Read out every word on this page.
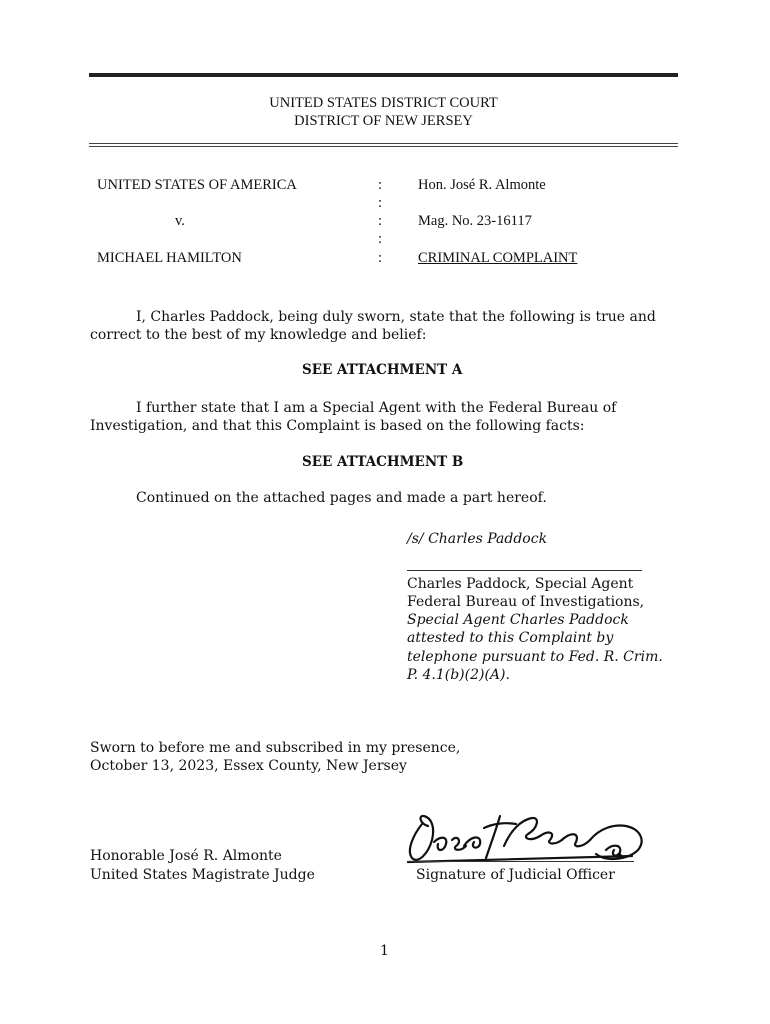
UNITED STATES DISTRICT COURT
DISTRICT OF NEW JERSEY
UNITED STATES OF AMERICA
v.
MICHAEL HAMILTON
:
:
:
:
:
Hon. José R. Almonte
Mag. No. 23-16117
CRIMINAL COMPLAINT
I, Charles Paddock, being duly sworn, state that the following is true and
correct to the best of my knowledge and belief:
SEE ATTACHMENT A
I further state that I am a Special Agent with the Federal Bureau of
Investigation, and that this Complaint is based on the following facts:
SEE ATTACHMENT B
Continued on the attached pages and made a part hereof.
/s/ Charles Paddock
Charles Paddock, Special Agent
Federal Bureau of Investigations,
Special Agent Charles Paddock
attested to this Complaint by
telephone pursuant to Fed. R. Crim.
P. 4.1(b)(2)(A).
Sworn to before me and subscribed in my presence,
October 13, 2023, Essex County, New Jersey
Honorable José R. Almonte
United States Magistrate Judge	Signature of Judicial Officer
1
